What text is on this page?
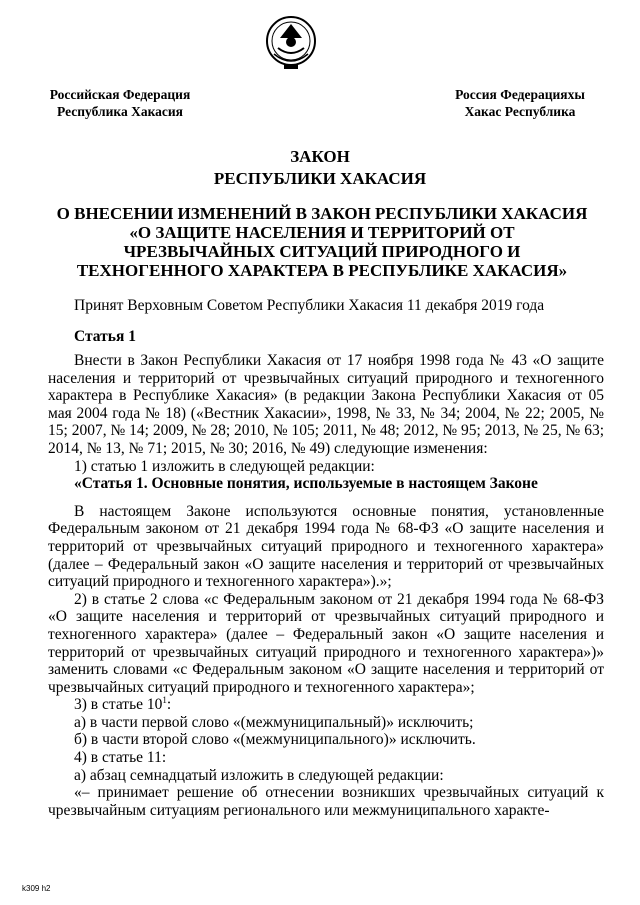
Российская Федерация
Республика Хакасия
Россия Федерацияхы
Хакас Республика
ЗАКОН
РЕСПУБЛИКИ ХАКАСИЯ
О ВНЕСЕНИИ ИЗМЕНЕНИЙ В ЗАКОН РЕСПУБЛИКИ ХАКАСИЯ «О ЗАЩИТЕ НАСЕЛЕНИЯ И ТЕРРИТОРИЙ ОТ ЧРЕЗВЫЧАЙНЫХ СИТУАЦИЙ ПРИРОДНОГО И ТЕХНОГЕННОГО ХАРАКТЕРА В РЕСПУБЛИКЕ ХАКАСИЯ»
Принят Верховным Советом Республики Хакасия 11 декабря 2019 года
Статья 1

Внести в Закон Республики Хакасия от 17 ноября 1998 года № 43 «О защите населения и территорий от чрезвычайных ситуаций природного и техногенного характера в Республике Хакасия» (в редакции Закона Республики Хакасия от 05 мая 2004 года № 18) («Вестник Хакасии», 1998, № 33, № 34; 2004, № 22; 2005, № 15; 2007, № 14; 2009, № 28; 2010, № 105; 2011, № 48; 2012, № 95; 2013, № 25, № 63; 2014, № 13, № 71; 2015, № 30; 2016, № 49) следующие изменения:

1) статью 1 изложить в следующей редакции:

«Статья 1. Основные понятия, используемые в настоящем Законе

В настоящем Законе используются основные понятия, установленные Федеральным законом от 21 декабря 1994 года № 68-ФЗ «О защите населения и территорий от чрезвычайных ситуаций природного и техногенного характера» (далее – Федеральный закон «О защите населения и территорий от чрезвычайных ситуаций природного и техногенного характера»).»;

2) в статье 2 слова «с Федеральным законом от 21 декабря 1994 года № 68-ФЗ «О защите населения и территорий от чрезвычайных ситуаций природного и техногенного характера» (далее – Федеральный закон «О защите населения и территорий от чрезвычайных ситуаций природного и техногенного характера»)» заменить словами «с Федеральным законом «О защите населения и территорий от чрезвычайных ситуаций природного и техногенного характера»;

3) в статье $10^1$:

а) в части первой слово «(межмуниципальный)» исключить;

б) в части второй слово «(межмуниципального)» исключить.

4) в статье 11:

а) абзац семнадцатый изложить в следующей редакции:

«– принимает решение об отнесении возникших чрезвычайных ситуаций к чрезвычайным ситуациям регионального или межмуниципального характе-

k309 h2
